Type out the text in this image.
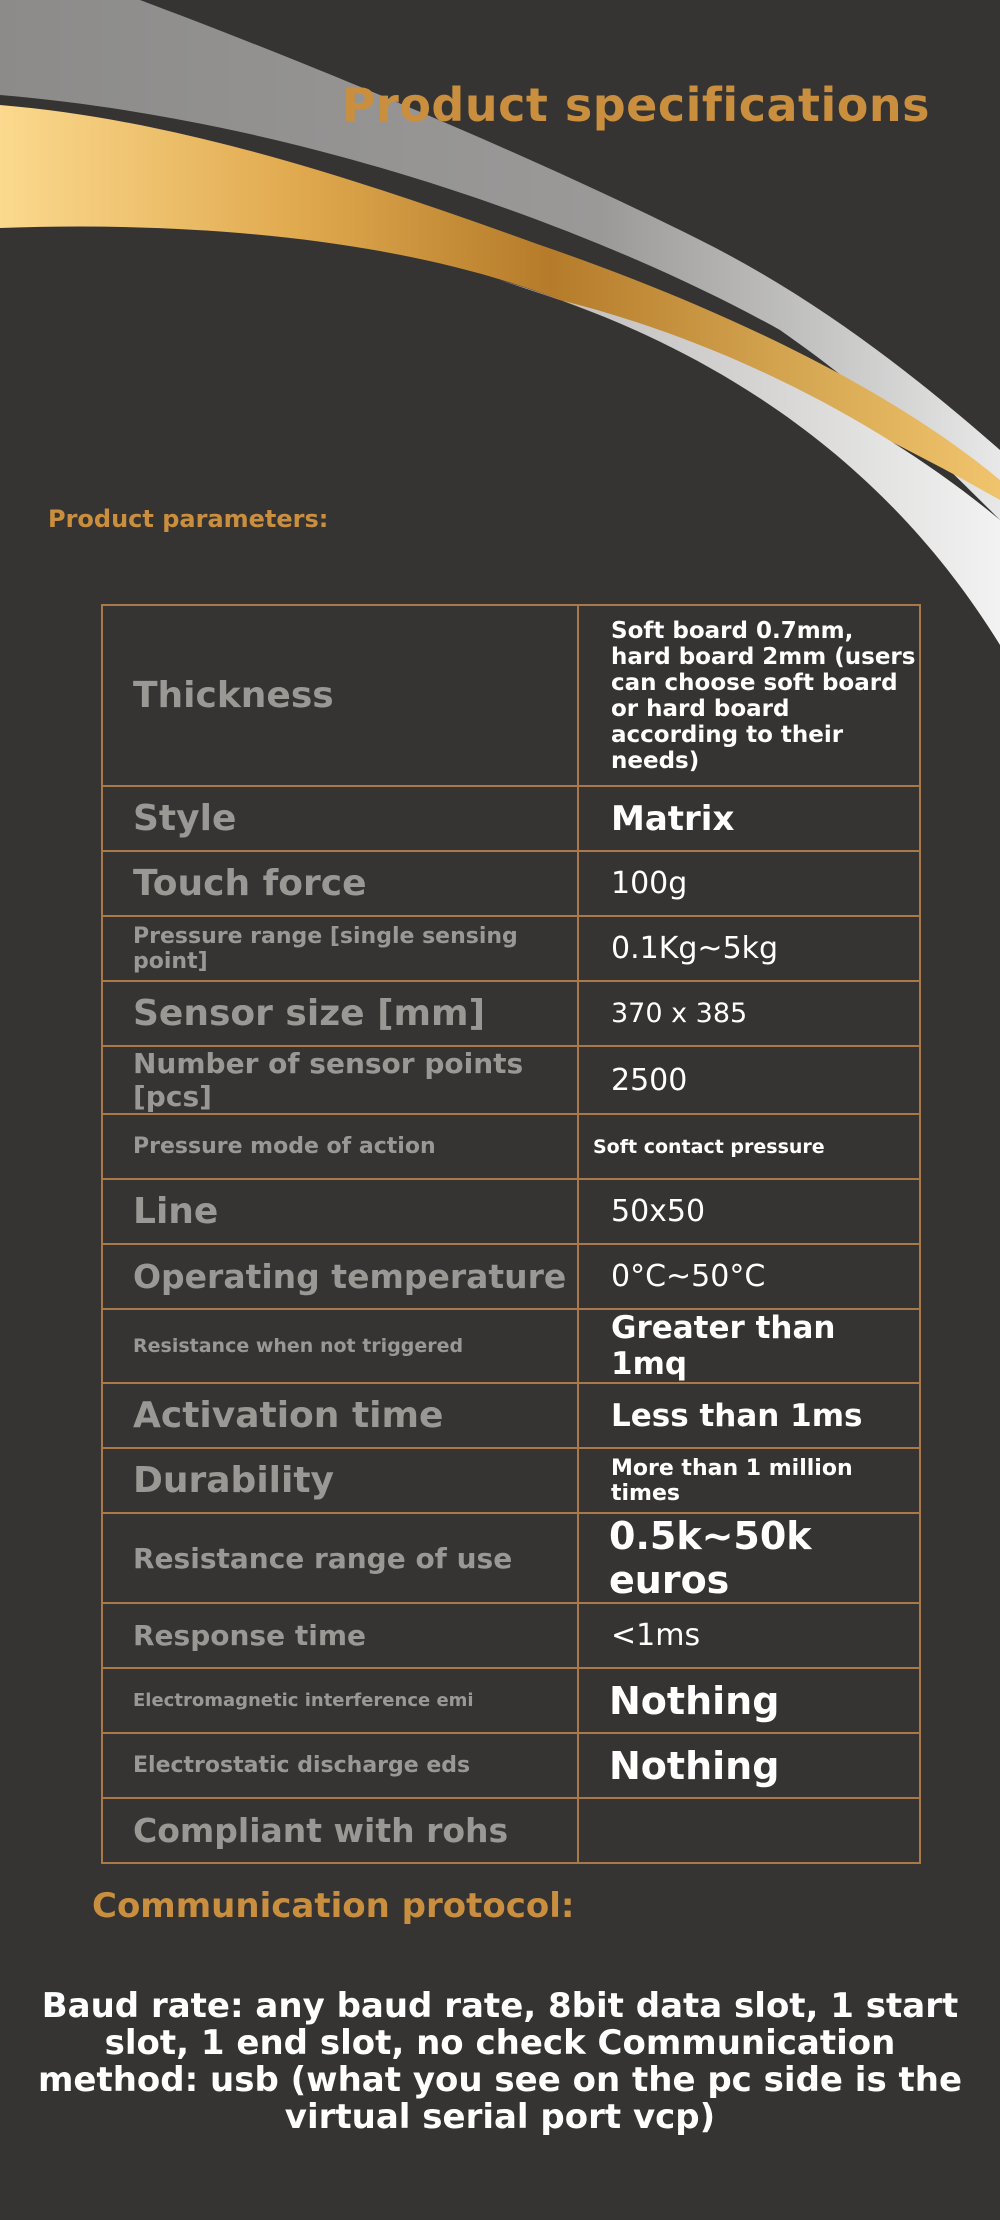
Product specifications

Product parameters:

Thickness	Soft board 0.7mm, hard board 2mm (users can choose soft board or hard board according to their needs)
Style	Matrix
Touch force	100g
Pressure range [single sensing point]	0.1Kg~5kg
Sensor size [mm]	370 x 385
Number of sensor points [pcs]	2500
Pressure mode of action	Soft contact pressure
Line	50x50
Operating temperature	0°C~50°C
Resistance when not triggered	Greater than 1mq
Activation time	Less than 1ms
Durability	More than 1 million times
Resistance range of use	0.5k~50k euros
Response time	<1ms
Electromagnetic interference emi	Nothing
Electrostatic discharge eds	Nothing
Compliant with rohs	

Communication protocol:

Baud rate: any baud rate, 8bit data slot, 1 start slot, 1 end slot, no check Communication method: usb (what you see on the pc side is the virtual serial port vcp)
